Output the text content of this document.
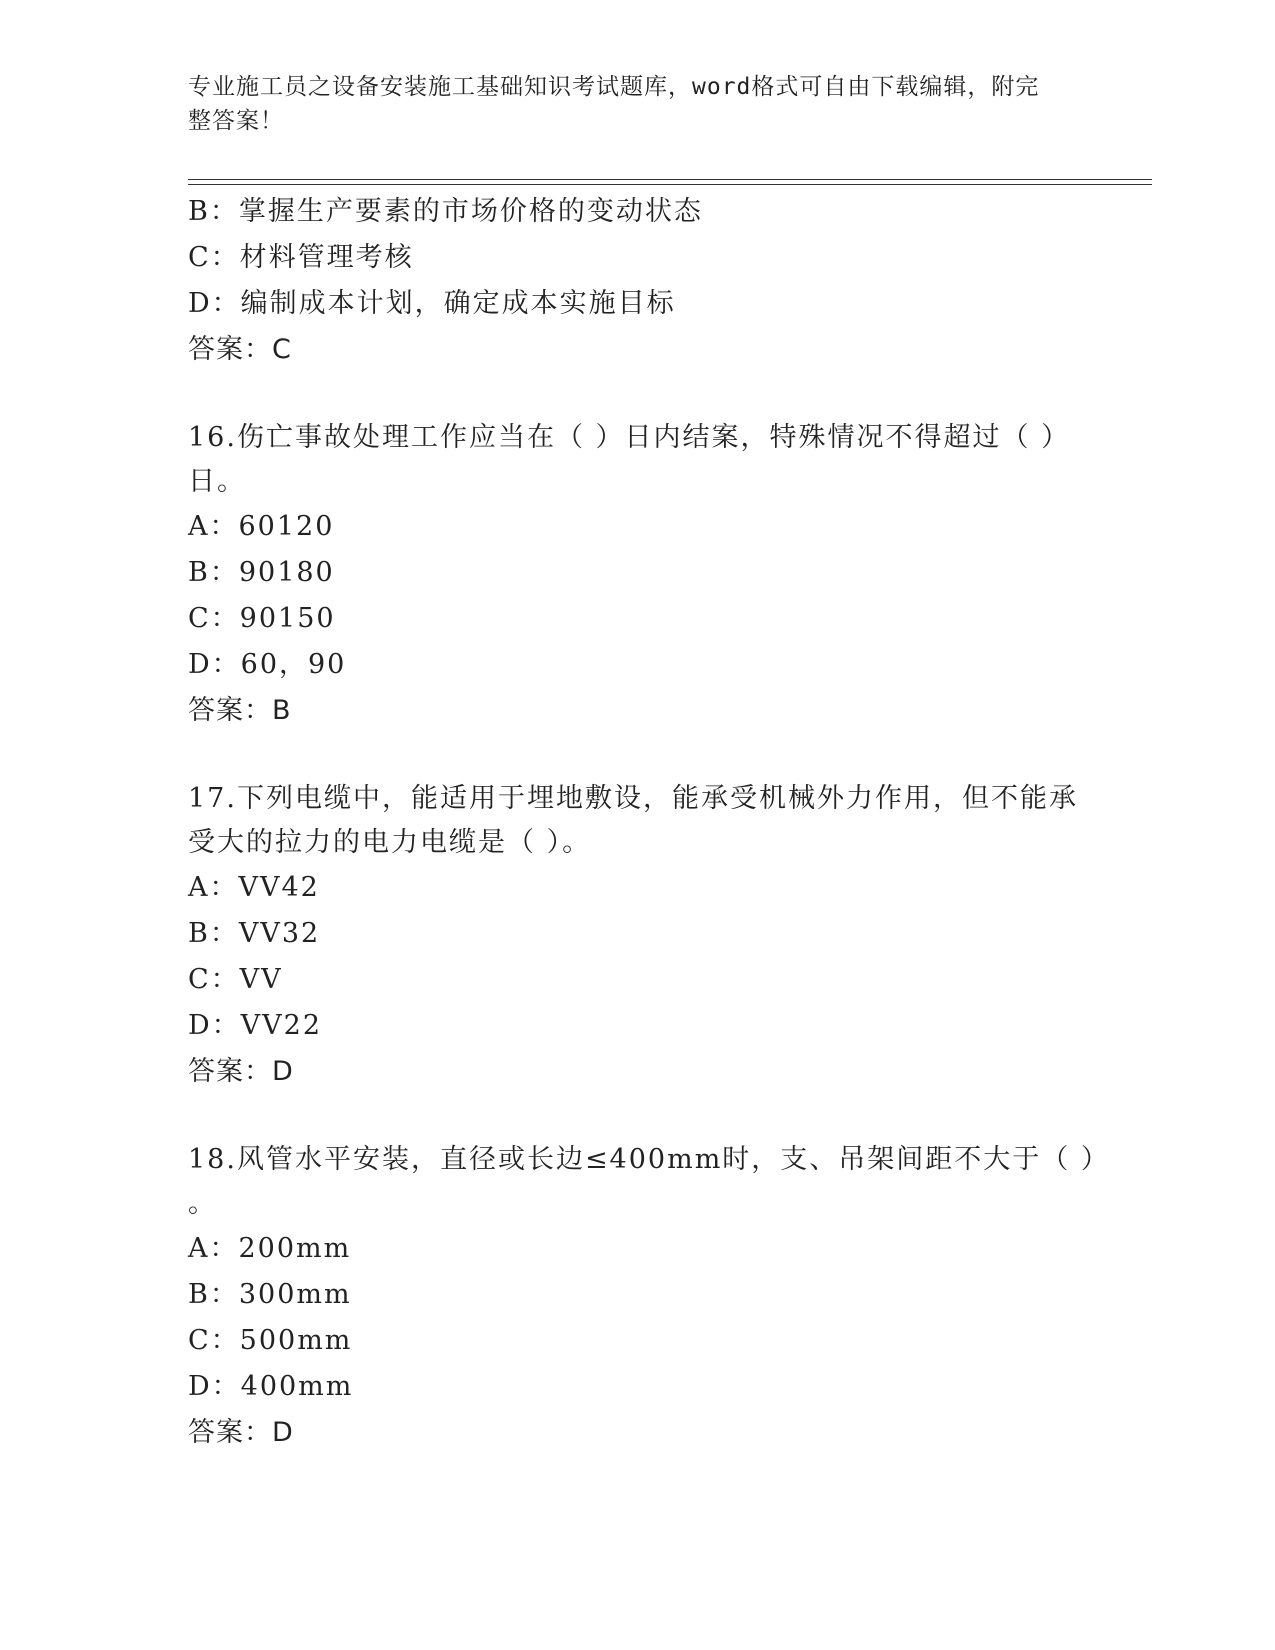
专业施工员之设备安装施工基础知识考试题库，word格式可自由下载编辑，附完
整答案！
B：掌握生产要素的市场价格的变动状态
C：材料管理考核
D：编制成本计划，确定成本实施目标
答案：C
16.伤亡事故处理工作应当在（ ）日内结案，特殊情况不得超过（ ）
日。
A：60120
B：90180
C：90150
D：60，90
答案：B
17.下列电缆中，能适用于埋地敷设，能承受机械外力作用，但不能承
受大的拉力的电力电缆是（ ）。
A：VV42
B：VV32
C：VV
D：VV22
答案：D
18.风管水平安装，直径或长边≤400mm时，支、吊架间距不大于（ ）
。
A：200mm
B：300mm
C：500mm
D：400mm
答案：D
